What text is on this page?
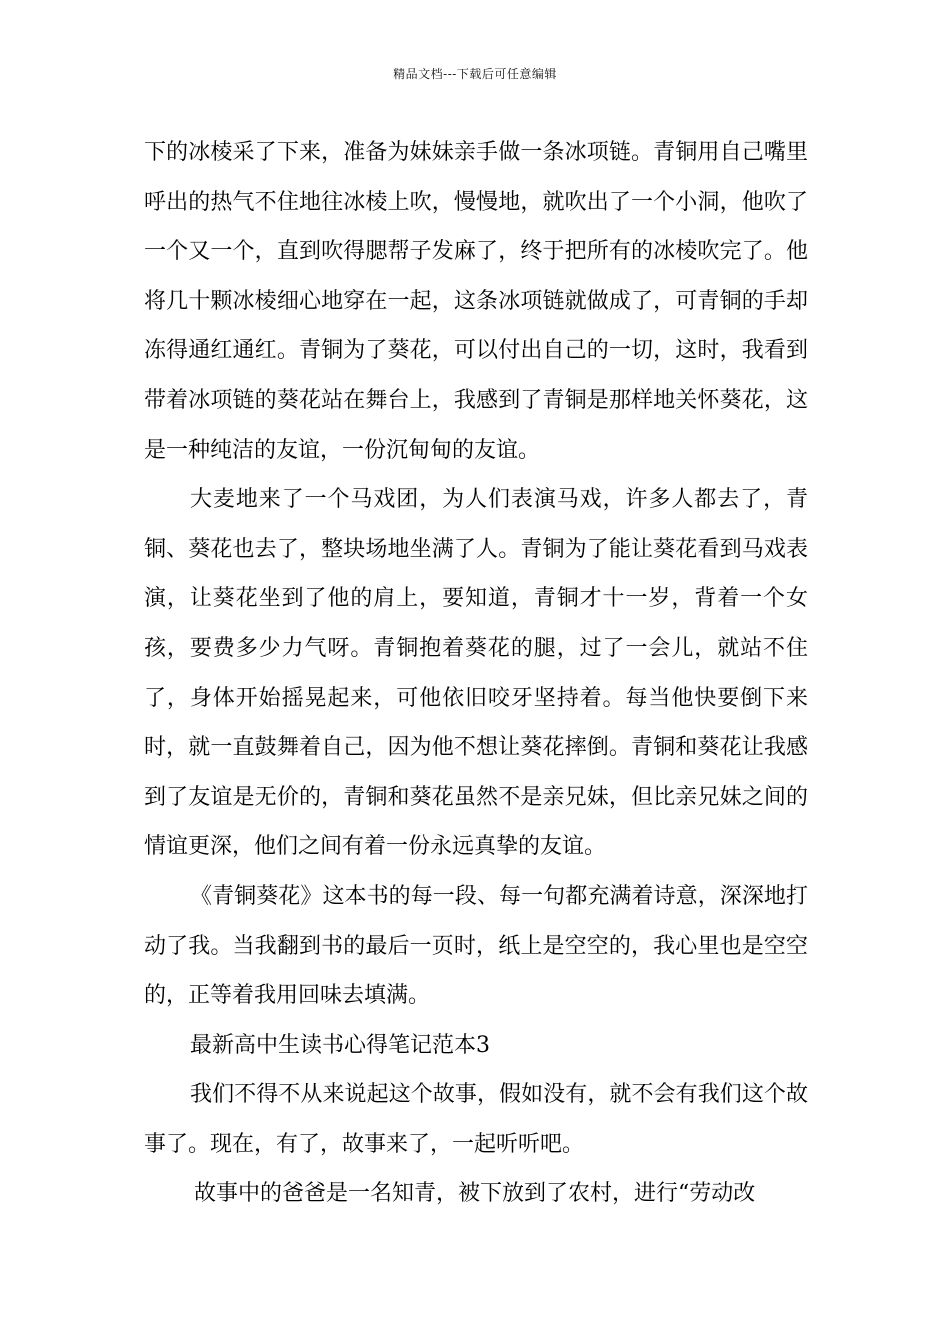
精品文档---下载后可任意编辑

下的冰棱采了下来，准备为妹妹亲手做一条冰项链。青铜用自己嘴里呼出的热气不住地往冰棱上吹，慢慢地，就吹出了一个小洞，他吹了一个又一个，直到吹得腮帮子发麻了，终于把所有的冰棱吹完了。他将几十颗冰棱细心地穿在一起，这条冰项链就做成了，可青铜的手却冻得通红通红。青铜为了葵花，可以付出自己的一切，这时，我看到带着冰项链的葵花站在舞台上，我感到了青铜是那样地关怀葵花，这是一种纯洁的友谊，一份沉甸甸的友谊。

大麦地来了一个马戏团，为人们表演马戏，许多人都去了，青铜、葵花也去了，整块场地坐满了人。青铜为了能让葵花看到马戏表演，让葵花坐到了他的肩上，要知道，青铜才十一岁，背着一个女孩，要费多少力气呀。青铜抱着葵花的腿，过了一会儿，就站不住了，身体开始摇晃起来，可他依旧咬牙坚持着。每当他快要倒下来时，就一直鼓舞着自己，因为他不想让葵花摔倒。青铜和葵花让我感到了友谊是无价的，青铜和葵花虽然不是亲兄妹，但比亲兄妹之间的情谊更深，他们之间有着一份永远真挚的友谊。

《青铜葵花》这本书的每一段、每一句都充满着诗意，深深地打动了我。当我翻到书的最后一页时，纸上是空空的，我心里也是空空的，正等着我用回味去填满。

最新高中生读书心得笔记范本3

我们不得不从来说起这个故事，假如没有，就不会有我们这个故事了。现在，有了，故事来了，一起听听吧。

故事中的爸爸是一名知青，被下放到了农村，进行“劳动改
